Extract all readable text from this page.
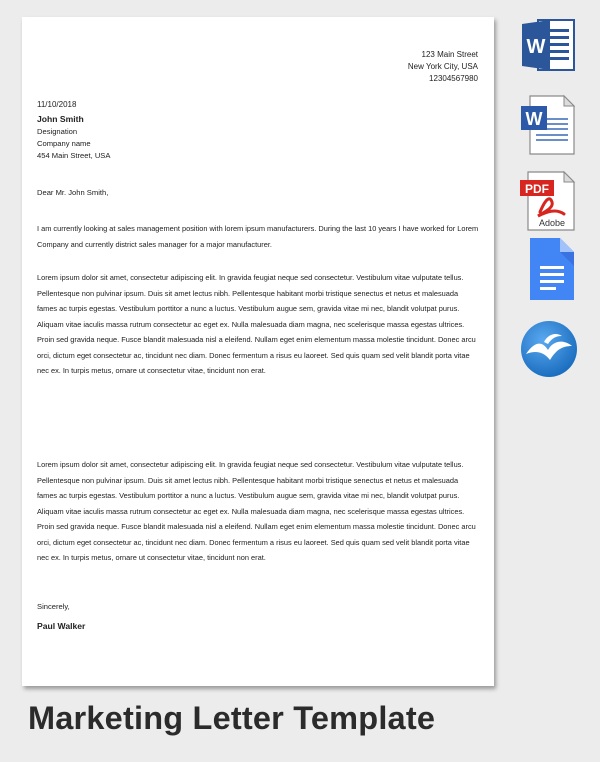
123 Main Street
New York City, USA
12304567980
11/10/2018
John Smith
Designation
Company name
454 Main Street, USA
Dear Mr. John Smith,
I am currently looking at sales management position with lorem ipsum manufacturers. During the last 10 years I have worked for Lorem Company and currently district sales manager for a major manufacturer.
Lorem ipsum dolor sit amet, consectetur adipiscing elit. In gravida feugiat neque sed consectetur. Vestibulum vitae vulputate tellus. Pellentesque non pulvinar ipsum. Duis sit amet lectus nibh. Pellentesque habitant morbi tristique senectus et netus et malesuada fames ac turpis egestas. Vestibulum porttitor a nunc a luctus. Vestibulum augue sem, gravida vitae mi nec, blandit volutpat purus. Aliquam vitae iaculis massa rutrum consectetur ac eget ex. Nulla malesuada diam magna, nec scelerisque massa egestas ultrices. Proin sed gravida neque. Fusce blandit malesuada nisl a eleifend. Nullam eget enim elementum massa molestie tincidunt. Donec arcu orci, dictum eget consectetur ac, tincidunt nec diam. Donec fermentum a risus eu laoreet. Sed quis quam sed velit blandit porta vitae nec ex. In turpis metus, ornare ut consectetur vitae, tincidunt non erat.
Lorem ipsum dolor sit amet, consectetur adipiscing elit. In gravida feugiat neque sed consectetur. Vestibulum vitae vulputate tellus. Pellentesque non pulvinar ipsum. Duis sit amet lectus nibh. Pellentesque habitant morbi tristique senectus et netus et malesuada fames ac turpis egestas. Vestibulum porttitor a nunc a luctus. Vestibulum augue sem, gravida vitae mi nec, blandit volutpat purus. Aliquam vitae iaculis massa rutrum consectetur ac eget ex. Nulla malesuada diam magna, nec scelerisque massa egestas ultrices. Proin sed gravida neque. Fusce blandit malesuada nisl a eleifend. Nullam eget enim elementum massa molestie tincidunt. Donec arcu orci, dictum eget consectetur ac, tincidunt nec diam. Donec fermentum a risus eu laoreet. Sed quis quam sed velit blandit porta vitae nec ex. In turpis metus, ornare ut consectetur vitae, tincidunt non erat.
Sincerely,
Paul Walker
W
W
PDF
Adobe
Marketing Letter Template
